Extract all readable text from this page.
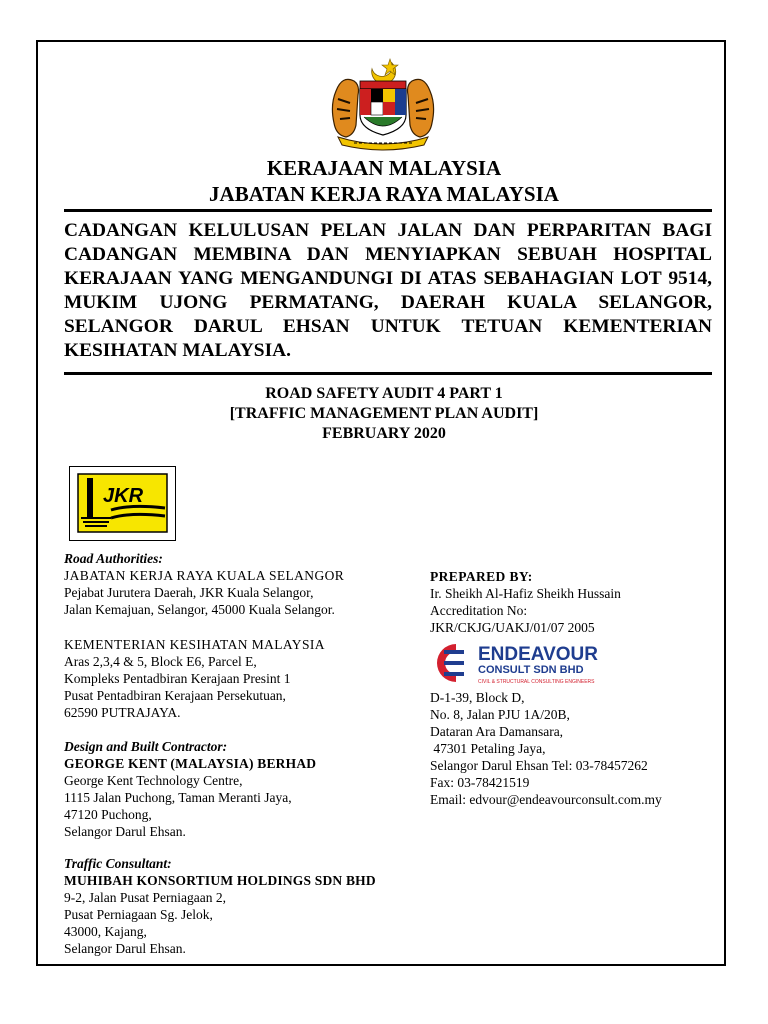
KERAJAAN MALAYSIA
JABATAN KERJA RAYA MALAYSIA
CADANGAN KELULUSAN PELAN JALAN DAN PERPARITAN BAGI CADANGAN MEMBINA DAN MENYIAPKAN SEBUAH HOSPITAL KERAJAAN YANG MENGANDUNGI DI ATAS SEBAHAGIAN LOT 9514, MUKIM UJONG PERMATANG, DAERAH KUALA SELANGOR, SELANGOR DARUL EHSAN UNTUK TETUAN KEMENTERIAN KESIHATAN MALAYSIA.
ROAD SAFETY AUDIT 4 PART 1
[TRAFFIC MANAGEMENT PLAN AUDIT]
FEBRUARY 2020
JKR
Road Authorities:
JABATAN KERJA RAYA KUALA SELANGOR
Pejabat Jurutera Daerah, JKR Kuala Selangor,
Jalan Kemajuan, Selangor, 45000 Kuala Selangor.
KEMENTERIAN KESIHATAN MALAYSIA
Aras 2,3,4 & 5, Block E6, Parcel E,
Kompleks Pentadbiran Kerajaan Presint 1
Pusat Pentadbiran Kerajaan Persekutuan,
62590 PUTRAJAYA.
Design and Built Contractor:
GEORGE KENT (MALAYSIA) BERHAD
George Kent Technology Centre,
1115 Jalan Puchong, Taman Meranti Jaya,
47120 Puchong,
Selangor Darul Ehsan.
Traffic Consultant:
MUHIBAH KONSORTIUM HOLDINGS SDN BHD
9-2, Jalan Pusat Perniagaan 2,
Pusat Perniagaan Sg. Jelok,
43000, Kajang,
Selangor Darul Ehsan.
PREPARED BY:
Ir. Sheikh Al-Hafiz Sheikh Hussain
Accreditation No:
JKR/CKJG/UAKJ/01/07 2005
ENDEAVOUR
CONSULT SDN BHD
CIVIL & STRUCTURAL CONSULTING ENGINEERS
D-1-39, Block D,
No. 8, Jalan PJU 1A/20B,
Dataran Ara Damansara,
47301 Petaling Jaya,
Selangor Darul Ehsan Tel: 03-78457262
Fax: 03-78421519
Email: edvour@endeavourconsult.com.my
